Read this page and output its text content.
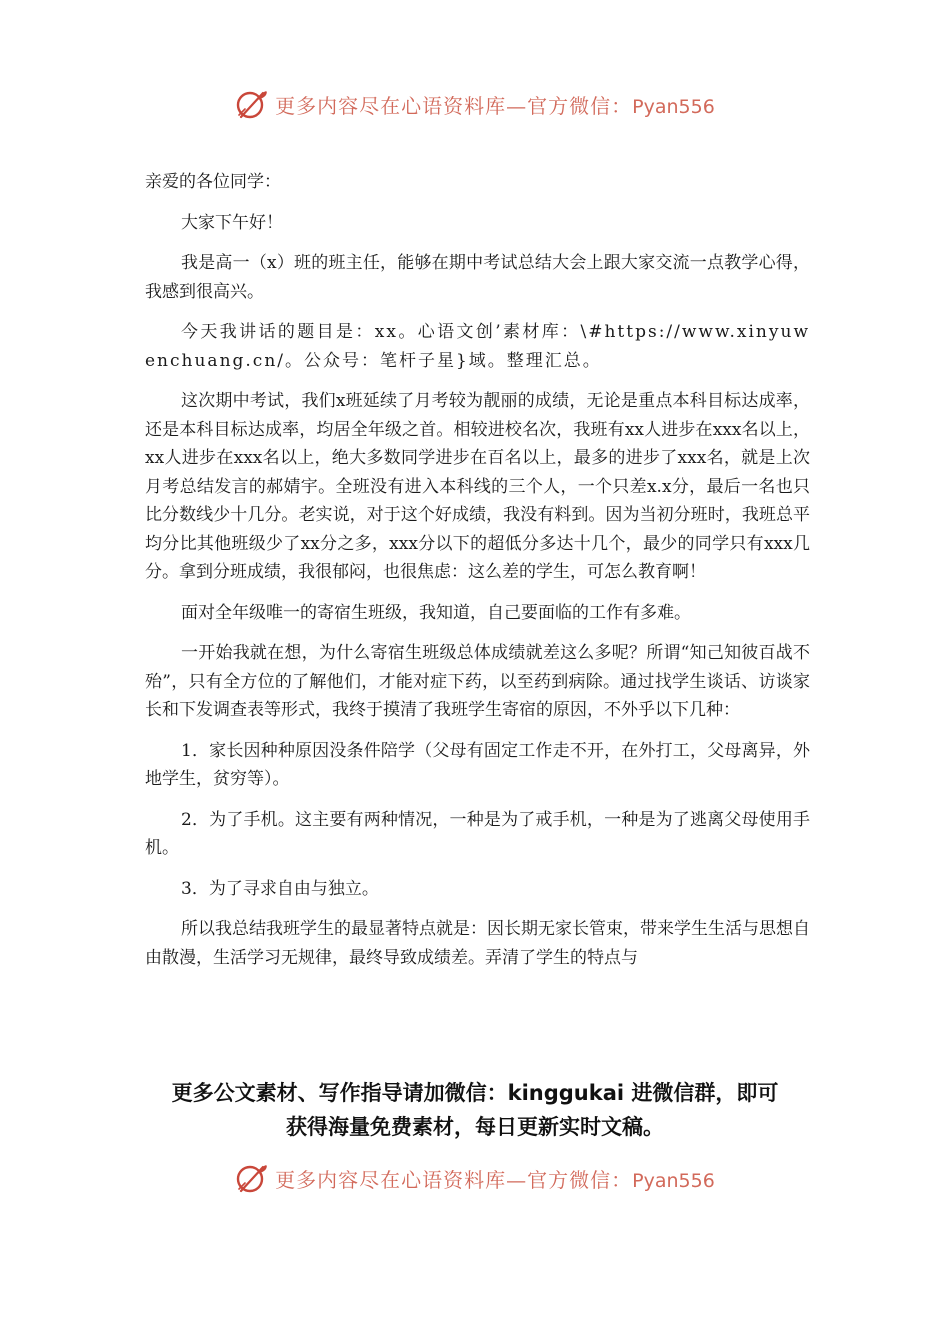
更多内容尽在心语资料库—官方微信：Pyan556

亲爱的各位同学：

大家下午好！

我是高一（x）班的班主任，能够在期中考试总结大会上跟大家交流一点教学心得，我感到很高兴。

今天我讲话的题目是：xx。心语文创’素材库：\#https://www.xinyuwenchuang.cn/。公众号：笔杆子星}域。整理汇总。

这次期中考试，我们x班延续了月考较为靓丽的成绩，无论是重点本科目标达成率，还是本科目标达成率，均居全年级之首。相较进校名次，我班有xx人进步在xxx名以上，xx人进步在xxx名以上，绝大多数同学进步在百名以上，最多的进步了xxx名，就是上次月考总结发言的郝婧宇。全班没有进入本科线的三个人，一个只差x.x分，最后一名也只比分数线少十几分。老实说，对于这个好成绩，我没有料到。因为当初分班时，我班总平均分比其他班级少了xx分之多，xxx分以下的超低分多达十几个，最少的同学只有xxx几分。拿到分班成绩，我很郁闷，也很焦虑：这么差的学生，可怎么教育啊！

面对全年级唯一的寄宿生班级，我知道，自己要面临的工作有多难。

一开始我就在想，为什么寄宿生班级总体成绩就差这么多呢？所谓“知己知彼百战不殆”，只有全方位的了解他们，才能对症下药，以至药到病除。通过找学生谈话、访谈家长和下发调查表等形式，我终于摸清了我班学生寄宿的原因，不外乎以下几种：

1．家长因种种原因没条件陪学（父母有固定工作走不开，在外打工，父母离异，外地学生，贫穷等）。

2．为了手机。这主要有两种情况，一种是为了戒手机，一种是为了逃离父母使用手机。

3．为了寻求自由与独立。

所以我总结我班学生的最显著特点就是：因长期无家长管束，带来学生生活与思想自由散漫，生活学习无规律，最终导致成绩差。弄清了学生的特点与

更多公文素材、写作指导请加微信：kinggukai 进微信群，即可
获得海量免费素材，每日更新实时文稿。
更多内容尽在心语资料库—官方微信：Pyan556
